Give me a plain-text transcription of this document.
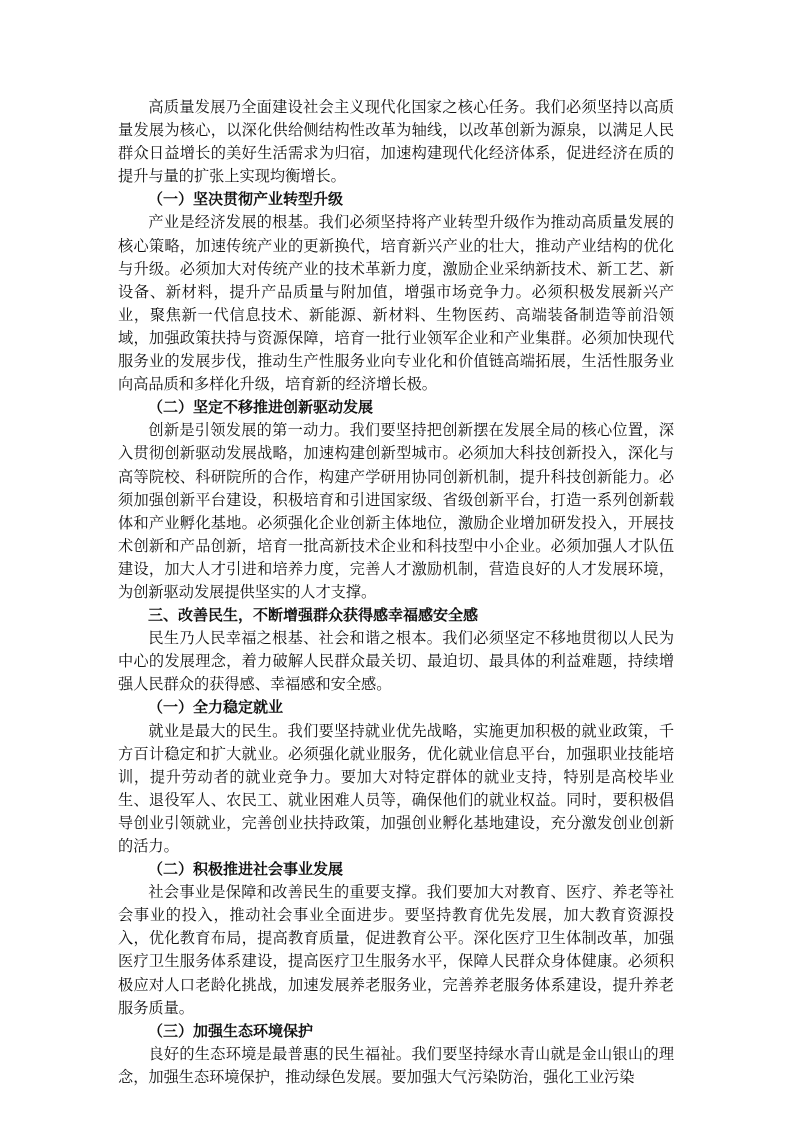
高质量发展乃全面建设社会主义现代化国家之核心任务。我们必须坚持以高质量发展为核心，以深化供给侧结构性改革为轴线，以改革创新为源泉，以满足人民群众日益增长的美好生活需求为归宿，加速构建现代化经济体系，促进经济在质的提升与量的扩张上实现均衡增长。

（一）坚决贯彻产业转型升级

产业是经济发展的根基。我们必须坚持将产业转型升级作为推动高质量发展的核心策略，加速传统产业的更新换代，培育新兴产业的壮大，推动产业结构的优化与升级。必须加大对传统产业的技术革新力度，激励企业采纳新技术、新工艺、新设备、新材料，提升产品质量与附加值，增强市场竞争力。必须积极发展新兴产业，聚焦新一代信息技术、新能源、新材料、生物医药、高端装备制造等前沿领域，加强政策扶持与资源保障，培育一批行业领军企业和产业集群。必须加快现代服务业的发展步伐，推动生产性服务业向专业化和价值链高端拓展，生活性服务业向高品质和多样化升级，培育新的经济增长极。

（二）坚定不移推进创新驱动发展

创新是引领发展的第一动力。我们要坚持把创新摆在发展全局的核心位置，深入贯彻创新驱动发展战略，加速构建创新型城市。必须加大科技创新投入，深化与高等院校、科研院所的合作，构建产学研用协同创新机制，提升科技创新能力。必须加强创新平台建设，积极培育和引进国家级、省级创新平台，打造一系列创新载体和产业孵化基地。必须强化企业创新主体地位，激励企业增加研发投入，开展技术创新和产品创新，培育一批高新技术企业和科技型中小企业。必须加强人才队伍建设，加大人才引进和培养力度，完善人才激励机制，营造良好的人才发展环境，为创新驱动发展提供坚实的人才支撑。

三、改善民生，不断增强群众获得感幸福感安全感

民生乃人民幸福之根基、社会和谐之根本。我们必须坚定不移地贯彻以人民为中心的发展理念，着力破解人民群众最关切、最迫切、最具体的利益难题，持续增强人民群众的获得感、幸福感和安全感。

（一）全力稳定就业

就业是最大的民生。我们要坚持就业优先战略，实施更加积极的就业政策，千方百计稳定和扩大就业。必须强化就业服务，优化就业信息平台，加强职业技能培训，提升劳动者的就业竞争力。要加大对特定群体的就业支持，特别是高校毕业生、退役军人、农民工、就业困难人员等，确保他们的就业权益。同时，要积极倡导创业引领就业，完善创业扶持政策，加强创业孵化基地建设，充分激发创业创新的活力。

（二）积极推进社会事业发展

社会事业是保障和改善民生的重要支撑。我们要加大对教育、医疗、养老等社会事业的投入，推动社会事业全面进步。要坚持教育优先发展，加大教育资源投入，优化教育布局，提高教育质量，促进教育公平。深化医疗卫生体制改革，加强医疗卫生服务体系建设，提高医疗卫生服务水平，保障人民群众身体健康。必须积极应对人口老龄化挑战，加速发展养老服务业，完善养老服务体系建设，提升养老服务质量。

（三）加强生态环境保护

良好的生态环境是最普惠的民生福祉。我们要坚持绿水青山就是金山银山的理念，加强生态环境保护，推动绿色发展。要加强大气污染防治，强化工业污染
